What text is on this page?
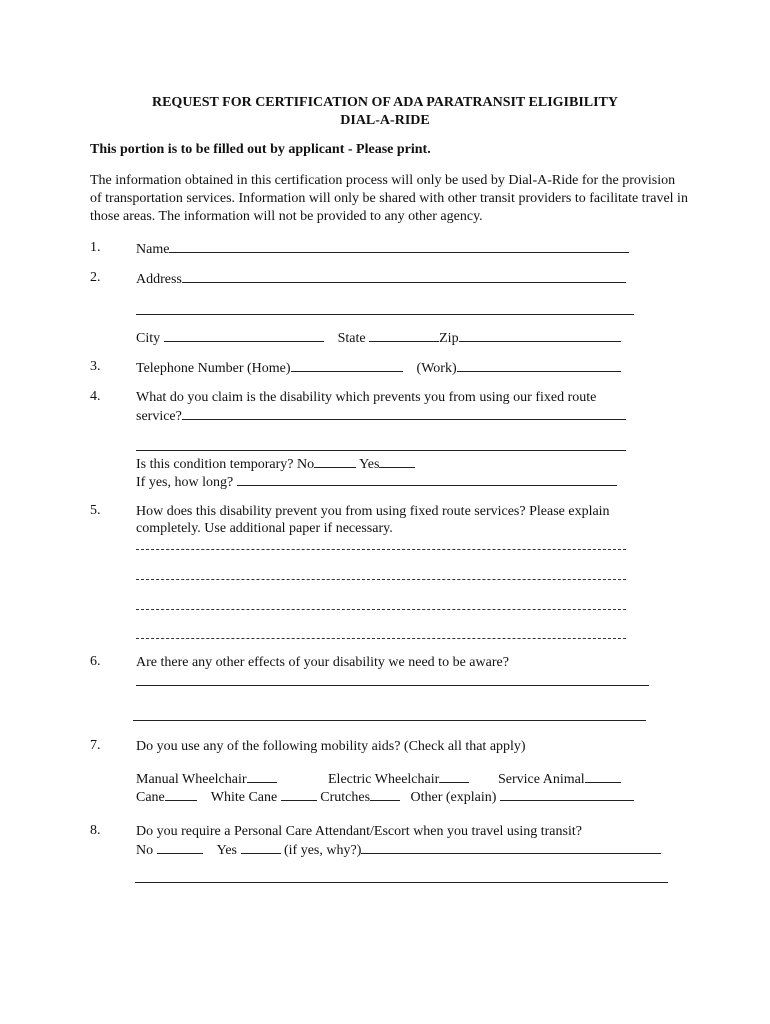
REQUEST FOR CERTIFICATION OF ADA PARATRANSIT ELIGIBILITY
DIAL-A-RIDE
This portion is to be filled out by applicant - Please print.
The information obtained in this certification process will only be used by Dial-A-Ride for the provision of transportation services. Information will only be shared with other transit providers to facilitate travel in those areas. The information will not be provided to any other agency.
1.	Name
2.	Address
City	State	Zip
3.	Telephone Number (Home)	(Work)
4.	What do you claim is the disability which prevents you from using our fixed route
service?
Is this condition temporary? No	Yes
If yes, how long?
5.	How does this disability prevent you from using fixed route services? Please explain
completely. Use additional paper if necessary.
6.	Are there any other effects of your disability we need to be aware?
7.	Do you use any of the following mobility aids? (Check all that apply)
Manual Wheelchair	Electric Wheelchair	Service Animal
Cane	White Cane	Crutches	Other (explain)
8.	Do you require a Personal Care Attendant/Escort when you travel using transit?
No	Yes	(if yes, why?)
